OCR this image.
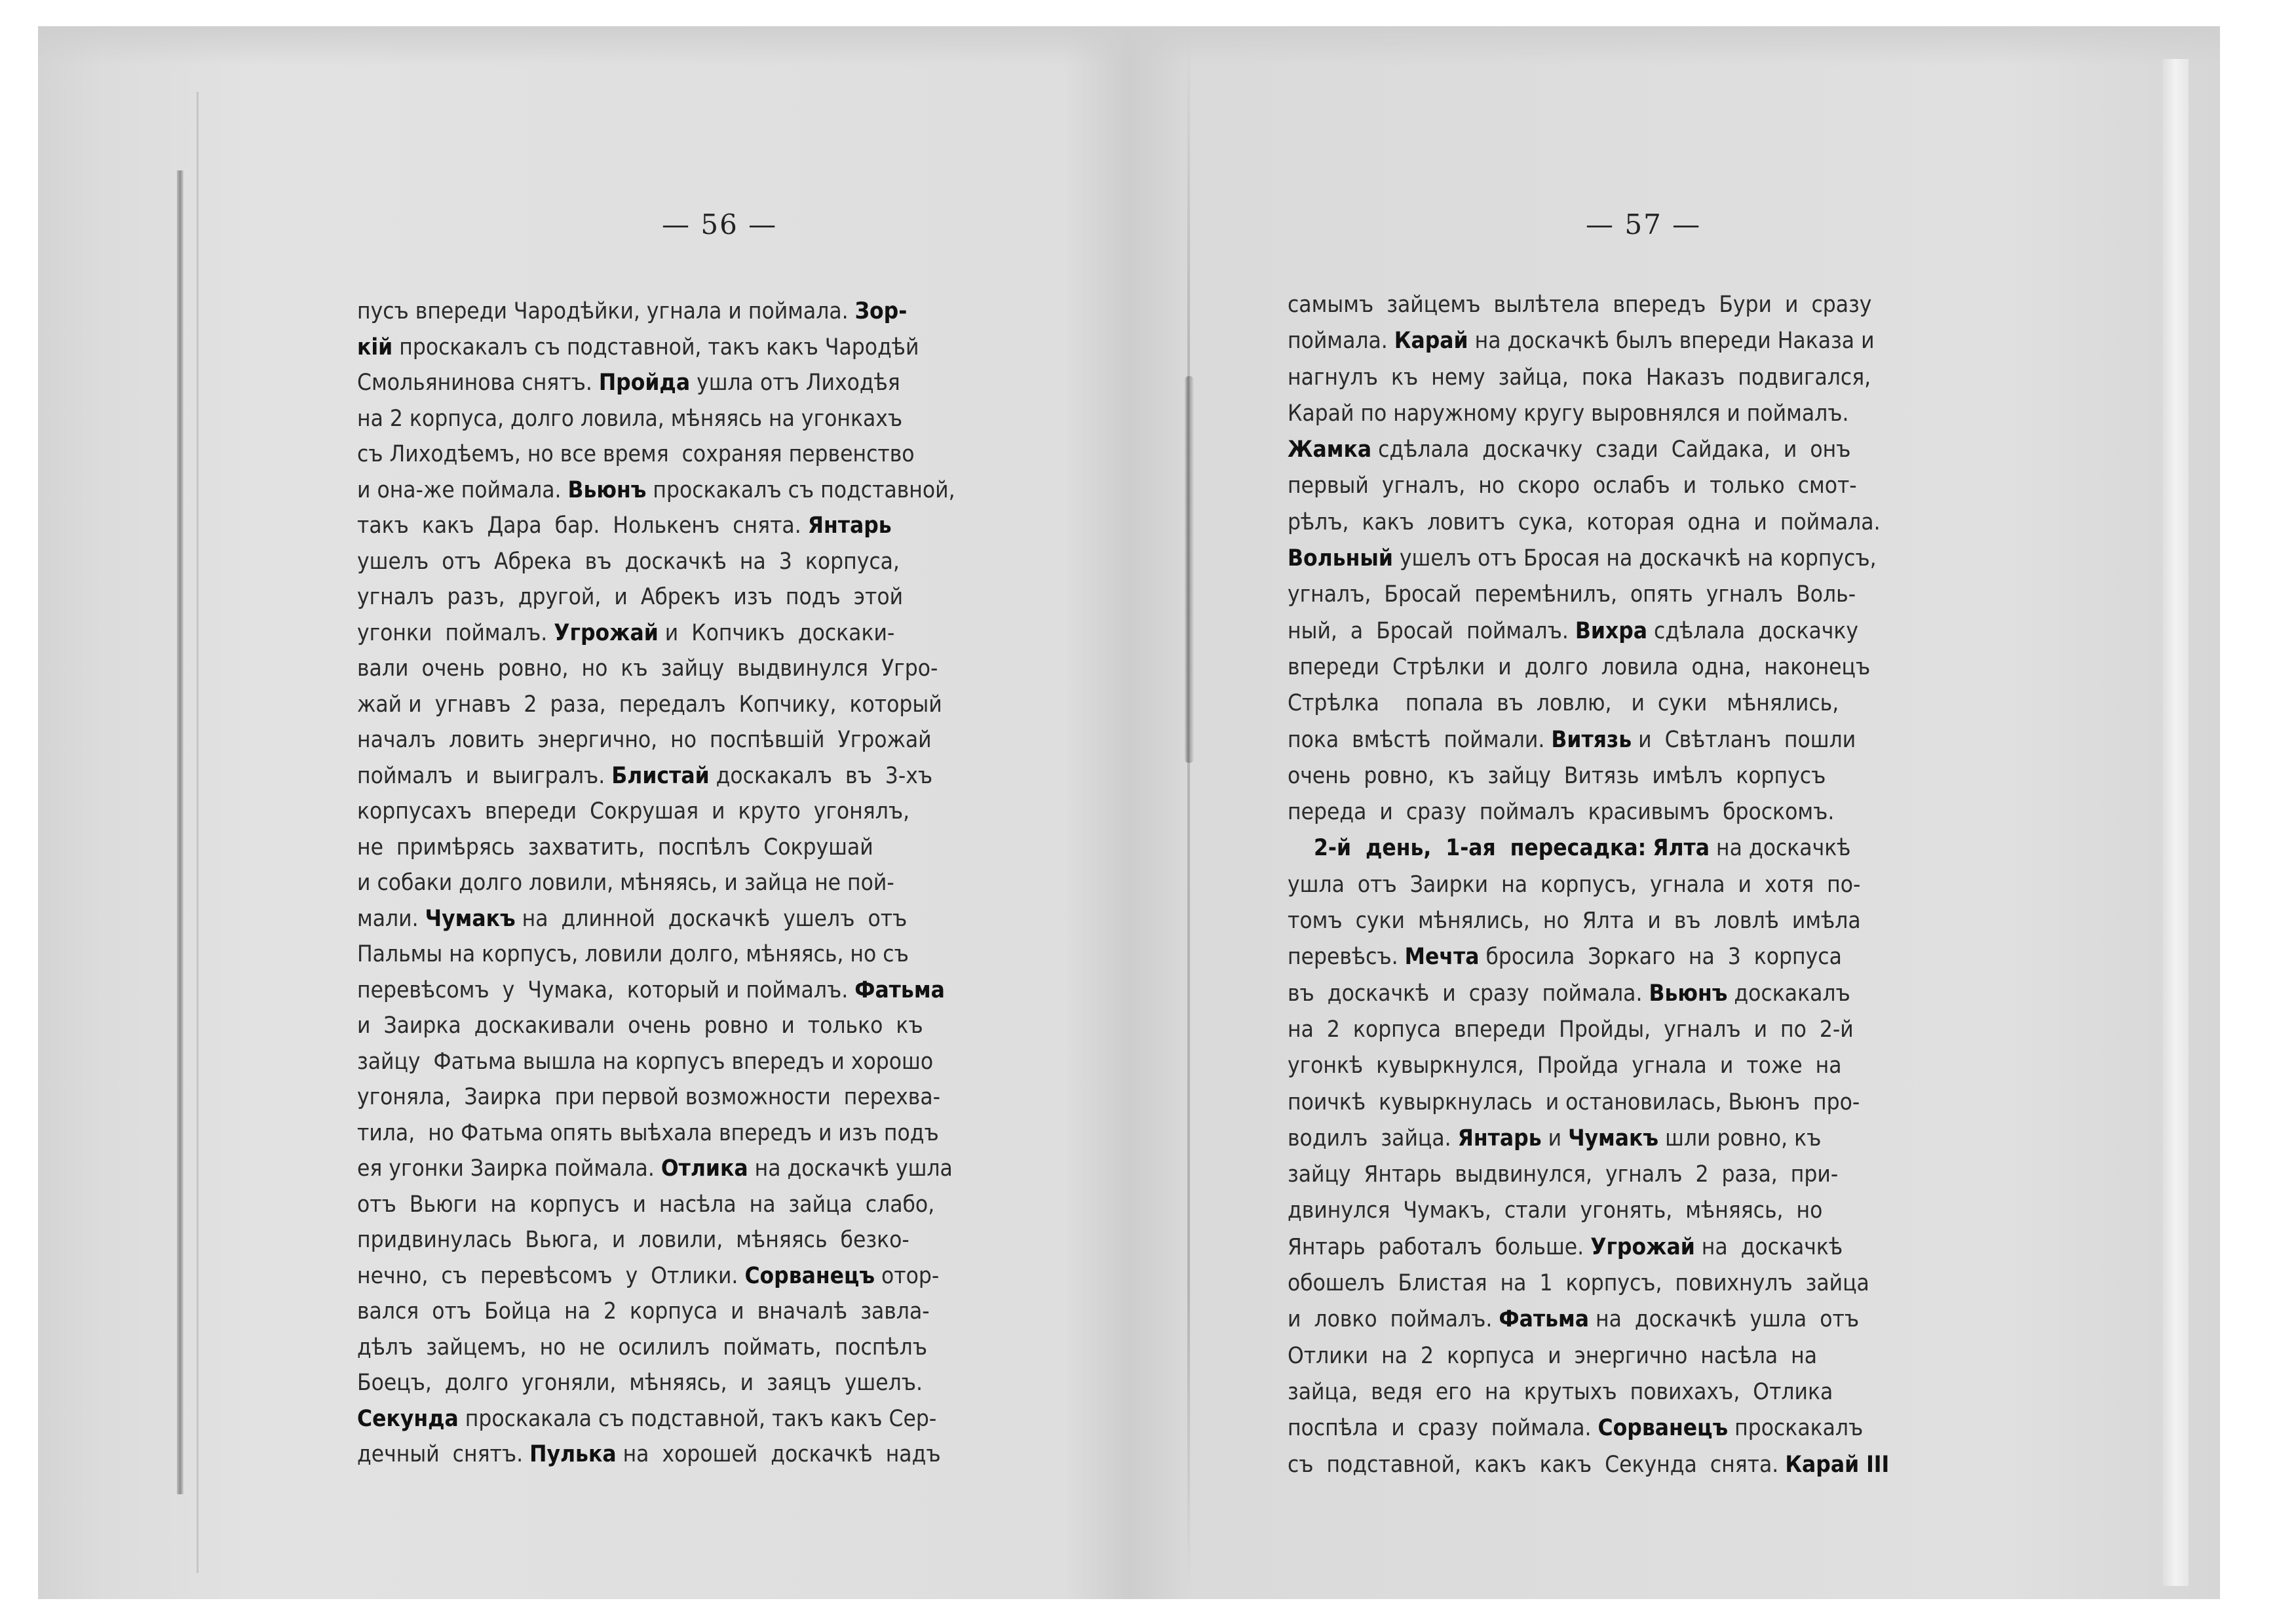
— 56 —	— 57 —
пусъ впереди Чародѣйки, угнала и поймала. Зор-
кій проскакалъ съ подставной, такъ какъ Чародѣй
Смольянинова снятъ. Пройда ушла отъ Лиходѣя
на 2 корпуса, долго ловила, мѣняясь на угонкахъ
съ Лиходѣемъ, но все время  сохраняя первенство
и она-же поймала. Вьюнъ проскакалъ съ подставной,
такъ  какъ  Дара  бар.  Нолькенъ  снята. Янтарь
ушелъ  отъ  Абрека  въ  доскачкѣ  на  3  корпуса,
угналъ  разъ,  другой,  и  Абрекъ  изъ  подъ  этой
угонки  поймалъ. Угрожай и  Копчикъ  доскаки-
вали  очень  ровно,  но  къ  зайцу  выдвинулся  Угро-
жай и  угнавъ  2  раза,  передалъ  Копчику,  который
началъ  ловить  энергично,  но  поспѣвшій  Угрожай
поймалъ  и  выигралъ. Блистай доскакалъ  въ  3-хъ
корпусахъ  впереди  Сокрушая  и  круто  угонялъ,
не  примѣрясь  захватить,  поспѣлъ  Сокрушай
и собаки долго ловили, мѣняясь, и зайца не пой-
мали. Чумакъ на  длинной  доскачкѣ  ушелъ  отъ
Пальмы на корпусъ, ловили долго, мѣняясь, но съ
перевѣсомъ  у  Чумака,  который и поймалъ. Фатьма
и  Заирка  доскакивали  очень  ровно  и  только  къ
зайцу  Фатьма вышла на корпусъ впередъ и хорошо
угоняла,  Заирка  при первой возможности  перехва-
тила,  но Фатьма опять выѣхала впередъ и изъ подъ
ея угонки Заирка поймала. Отлика на доскачкѣ ушла
отъ  Вьюги  на  корпусъ  и  насѣла  на  зайца  слабо,
придвинулась  Вьюга,  и  ловили,  мѣняясь  безко-
нечно,  съ  перевѣсомъ  у  Отлики. Сорванецъ отор-
вался  отъ  Бойца  на  2  корпуса  и  вначалѣ  завла-
дѣлъ  зайцемъ,  но  не  осилилъ  поймать,  поспѣлъ
Боецъ,  долго  угоняли,  мѣняясь,  и  заяцъ  ушелъ.
Секунда проскакала съ подставной, такъ какъ Сер-
дечный  снятъ. Пулька на  хорошей  доскачкѣ  надъ
самымъ  зайцемъ  вылѣтела  впередъ  Бури  и  сразу
поймала. Карай на доскачкѣ былъ впереди Наказа и
нагнулъ  къ  нему  зайца,  пока  Наказъ  подвигался,
Карай по наружному кругу выровнялся и поймалъ.
Жамка сдѣлала  доскачку  сзади  Сайдака,  и  онъ
первый  угналъ,  но  скоро  ослабъ  и  только  смот-
рѣлъ,  какъ  ловитъ  сука,  которая  одна  и  поймала.
Вольный ушелъ отъ Бросая на доскачкѣ на корпусъ,
угналъ,  Бросай  перемѣнилъ,  опять  угналъ  Воль-
ный,  а  Бросай  поймалъ. Вихра сдѣлала  доскачку
впереди  Стрѣлки  и  долго  ловила  одна,  наконецъ
Стрѣлка    попала  въ  ловлю,   и  суки   мѣнялись,
пока  вмѣстѣ  поймали. Витязь и  Свѣтланъ  пошли
очень  ровно,  къ  зайцу  Витязь  имѣлъ  корпусъ
переда  и  сразу  поймалъ  красивымъ  броскомъ.
2-й  день,  1-ая  пересадка: Ялта на доскачкѣ
ушла  отъ  Заирки  на  корпусъ,  угнала  и  хотя  по-
томъ  суки  мѣнялись,  но  Ялта  и  въ  ловлѣ  имѣла
перевѣсъ. Мечта бросила  Зоркаго  на  3  корпуса
въ  доскачкѣ  и  сразу  поймала. Вьюнъ доскакалъ
на  2  корпуса  впереди  Пройды,  угналъ  и  по  2-й
угонкѣ  кувыркнулся,  Пройда  угнала  и  тоже  на
поичкѣ  кувыркнулась  и остановилась, Вьюнъ  про-
водилъ  зайца. Янтарь и Чумакъ шли ровно, къ
зайцу  Янтарь  выдвинулся,  угналъ  2  раза,  при-
двинулся  Чумакъ,  стали  угонять,  мѣняясь,  но
Янтарь  работалъ  больше. Угрожай на  доскачкѣ
обошелъ  Блистая  на  1  корпусъ,  повихнулъ  зайца
и  ловко  поймалъ. Фатьма на  доскачкѣ  ушла  отъ
Отлики  на  2  корпуса  и  энергично  насѣла  на
зайца,  ведя  его  на  крутыхъ  повихахъ,  Отлика
поспѣла  и  сразу  поймала. Сорванецъ проскакалъ
съ  подставной,  какъ  какъ  Секунда  снята. Карай III
